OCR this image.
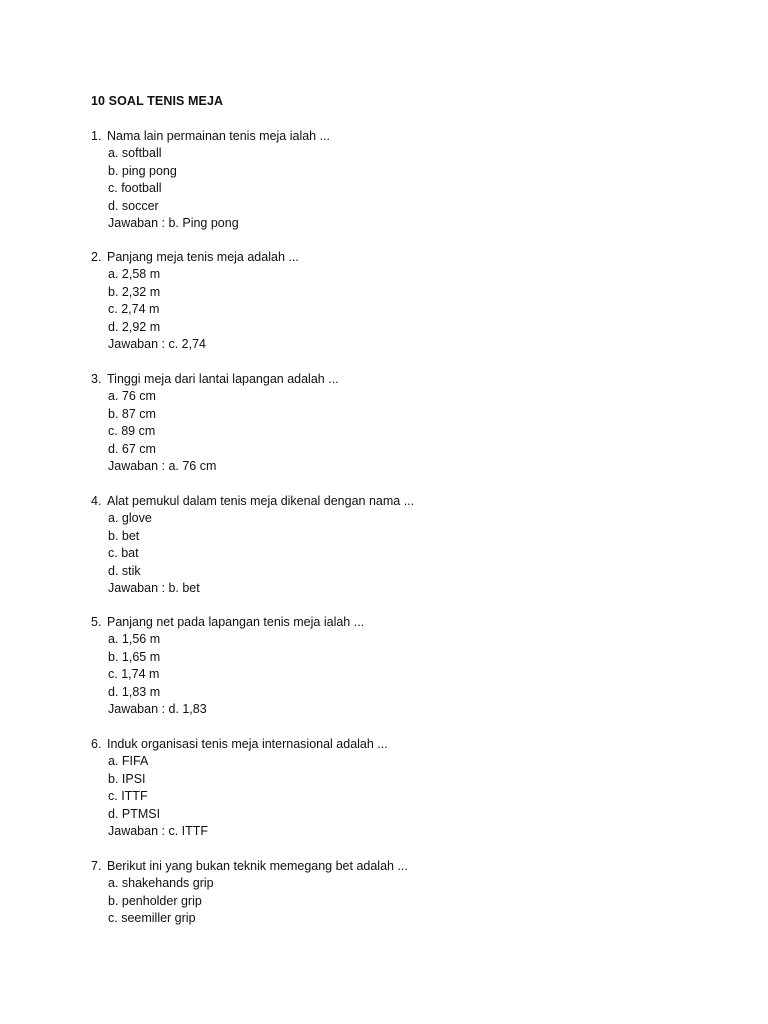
10 SOAL TENIS MEJA
1. Nama lain permainan tenis meja ialah ...
a. softball
b. ping pong
c. football
d. soccer
Jawaban : b. Ping pong
2. Panjang meja tenis meja adalah ...
a. 2,58 m
b. 2,32 m
c. 2,74 m
d. 2,92 m
Jawaban : c. 2,74
3. Tinggi meja dari lantai lapangan adalah ...
a. 76 cm
b. 87 cm
c. 89 cm
d. 67 cm
Jawaban : a. 76 cm
4. Alat pemukul dalam tenis meja dikenal dengan nama ...
a. glove
b. bet
c. bat
d. stik
Jawaban : b. bet
5. Panjang net pada lapangan tenis meja ialah ...
a. 1,56 m
b. 1,65 m
c. 1,74 m
d. 1,83 m
Jawaban : d. 1,83
6. Induk organisasi tenis meja internasional adalah ...
a. FIFA
b. IPSI
c. ITTF
d. PTMSI
Jawaban : c. ITTF
7. Berikut ini yang bukan teknik memegang bet adalah ...
a. shakehands grip
b. penholder grip
c. seemiller grip
